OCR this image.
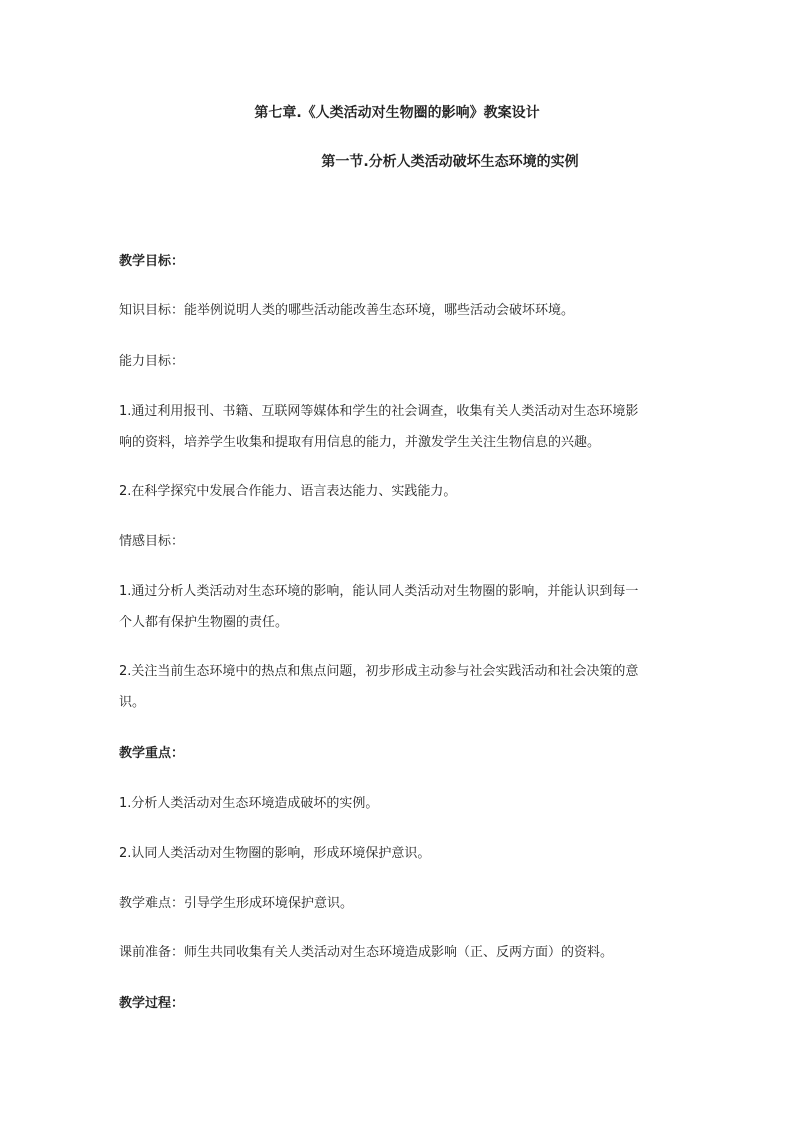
第七章.《人类活动对生物圈的影响》教案设计
第一节.分析人类活动破坏生态环境的实例
教学目标：
知识目标：能举例说明人类的哪些活动能改善生态环境，哪些活动会破坏环境。
能力目标：
1.通过利用报刊、书籍、互联网等媒体和学生的社会调查，收集有关人类活动对生态环境影
响的资料，培养学生收集和提取有用信息的能力，并激发学生关注生物信息的兴趣。
2.在科学探究中发展合作能力、语言表达能力、实践能力。
情感目标：
1.通过分析人类活动对生态环境的影响，能认同人类活动对生物圈的影响，并能认识到每一
个人都有保护生物圈的责任。
2.关注当前生态环境中的热点和焦点问题，初步形成主动参与社会实践活动和社会决策的意
识。
教学重点：
1.分析人类活动对生态环境造成破坏的实例。
2.认同人类活动对生物圈的影响，形成环境保护意识。
教学难点：引导学生形成环境保护意识。
课前准备：师生共同收集有关人类活动对生态环境造成影响（正、反两方面）的资料。
教学过程：
